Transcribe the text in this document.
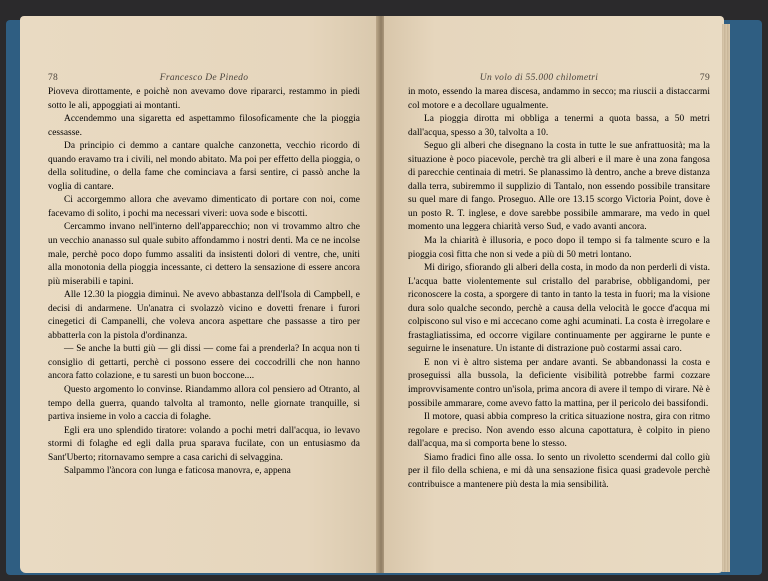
78	Francesco De Pinedo

Pioveva dirottamente, e poichè non avevamo dove ripararci, restammo in piedi sotto le ali, appoggiati ai montanti.

Accendemmo una sigaretta ed aspettammo filosoficamente che la pioggia cessasse.

Da principio ci demmo a cantare qualche canzonetta, vecchio ricordo di quando eravamo tra i civili, nel mondo abitato. Ma poi per effetto della pioggia, o della solitudine, o della fame che cominciava a farsi sentire, ci passò anche la voglia di cantare.

Ci accorgemmo allora che avevamo dimenticato di portare con noi, come facevamo di solito, i pochi ma necessari viveri: uova sode e biscotti.

Cercammo invano nell'interno dell'apparecchio; non vi trovammo altro che un vecchio ananasso sul quale subito affondammo i nostri denti. Ma ce ne incolse male, perchè poco dopo fummo assaliti da insistenti dolori di ventre, che, uniti alla monotonia della pioggia incessante, ci dettero la sensazione di essere ancora più miserabili e tapini.

Alle 12.30 la pioggia diminuì. Ne avevo abbastanza dell'Isola di Campbell, e decisi di andarmene. Un'anatra ci svolazzò vicino e dovetti frenare i furori cinegetici di Campanelli, che voleva ancora aspettare che passasse a tiro per abbatterla con la pistola d'ordinanza.

— Se anche la butti giù — gli dissi — come fai a prenderla? In acqua non ti consiglio di gettarti, perchè ci possono essere dei coccodrilli che non hanno ancora fatto colazione, e tu saresti un buon boccone....

Questo argomento lo convinse. Riandammo allora col pensiero ad Otranto, al tempo della guerra, quando talvolta al tramonto, nelle giornate tranquille, si partiva insieme in volo a caccia di folaghe.

Egli era uno splendido tiratore: volando a pochi metri dall'acqua, io levavo stormi di folaghe ed egli dalla prua sparava fucilate, con un entusiasmo da Sant'Uberto; ritornavamo sempre a casa carichi di selvaggina.

Salpammo l'àncora con lunga e faticosa manovra, e, appena

Un volo di 55.000 chilometri	79

in moto, essendo la marea discesa, andammo in secco; ma riuscii a distaccarmi col motore e a decollare ugualmente.

La pioggia dirotta mi obbliga a tenermi a quota bassa, a 50 metri dall'acqua, spesso a 30, talvolta a 10.

Seguo gli alberi che disegnano la costa in tutte le sue anfrattuosità; ma la situazione è poco piacevole, perchè tra gli alberi e il mare è una zona fangosa di parecchie centinaia di metri. Se planassimo là dentro, anche a breve distanza dalla terra, subiremmo il supplizio di Tantalo, non essendo possibile transitare su quel mare di fango. Proseguo. Alle ore 13.15 scorgo Victoria Point, dove è un posto R. T. inglese, e dove sarebbe possibile ammarare, ma vedo in quel momento una leggera chiarità verso Sud, e vado avanti ancora.

Ma la chiarità è illusoria, e poco dopo il tempo si fa talmente scuro e la pioggia così fitta che non si vede a più di 50 metri lontano.

Mi dirigo, sfiorando gli alberi della costa, in modo da non perderli di vista. L'acqua batte violentemente sul cristallo del parabrise, obbligandomi, per riconoscere la costa, a sporgere di tanto in tanto la testa in fuori; ma la visione dura solo qualche secondo, perchè a causa della velocità le gocce d'acqua mi colpiscono sul viso e mi accecano come aghi acuminati. La costa è irregolare e frastagliatissima, ed occorre vigilare continuamente per aggirarne le punte e seguirne le insenature. Un istante di distrazione può costarmi assai caro.

E non vi è altro sistema per andare avanti. Se abbandonassi la costa e proseguissi alla bussola, la deficiente visibilità potrebbe farmi cozzare improvvisamente contro un'isola, prima ancora di avere il tempo di virare. Nè è possibile ammarare, come avevo fatto la mattina, per il pericolo dei bassifondi.

Il motore, quasi abbia compreso la critica situazione nostra, gira con ritmo regolare e preciso. Non avendo esso alcuna capottatura, è colpito in pieno dall'acqua, ma si comporta bene lo stesso.

Siamo fradici fino alle ossa. Io sento un rivoletto scendermi dal collo giù per il filo della schiena, e mi dà una sensazione fisica quasi gradevole perchè contribuisce a mantenere più desta la mia sensibilità.
